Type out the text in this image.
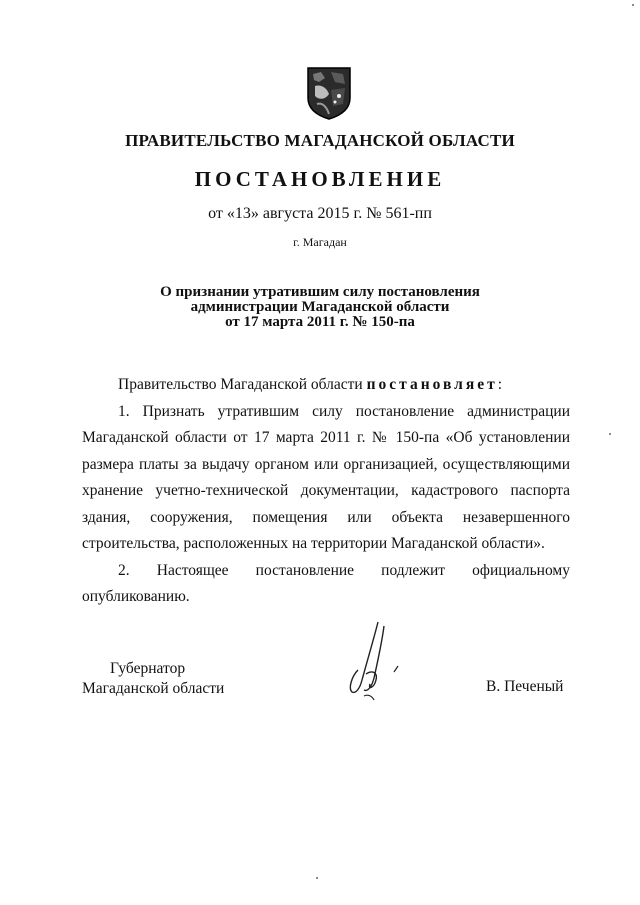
ПРАВИТЕЛЬСТВО МАГАДАНСКОЙ ОБЛАСТИ
ПОСТАНОВЛЕНИЕ
от «13» августа 2015 г. № 561-пп
г. Магадан
О признании утратившим силу постановления
администрации Магаданской области
от 17 марта 2011 г. № 150-па

Правительство Магаданской области постановляет:

1. Признать утратившим силу постановление администрации Магаданской области от 17 марта 2011 г. № 150-па «Об установлении размера платы за выдачу органом или организацией, осуществляющими хранение учетно-технической документации, кадастрового паспорта здания, сооружения, помещения или объекта незавершенного строительства, расположенных на территории Магаданской области».

2. Настоящее постановление подлежит официальному опубликованию.

Губернатор
Магаданской области	В. Печеный
